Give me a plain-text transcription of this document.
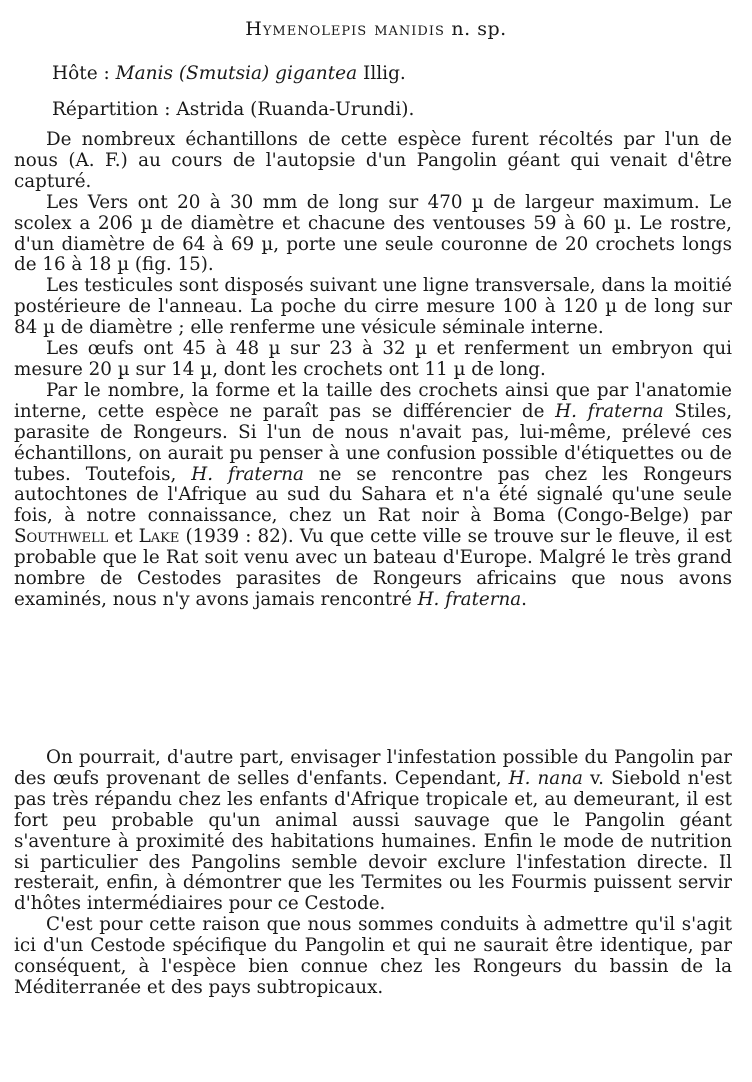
Hymenolepis manidis n. sp.
Hôte : Manis (Smutsia) gigantea Illig.
Répartition : Astrida (Ruanda-Urundi).

De nombreux échantillons de cette espèce furent récoltés par l'un de nous (A. F.) au cours de l'autopsie d'un Pangolin géant qui venait d'être capturé.

Les Vers ont 20 à 30 mm de long sur 470 µ de largeur maximum. Le scolex a 206 µ de diamètre et chacune des ventouses 59 à 60 µ. Le rostre, d'un diamètre de 64 à 69 µ, porte une seule couronne de 20 crochets longs de 16 à 18 µ (fig. 15).

Les testicules sont disposés suivant une ligne transversale, dans la moitié postérieure de l'anneau. La poche du cirre mesure 100 à 120 µ de long sur 84 µ de diamètre ; elle renferme une vésicule séminale interne.

Les œufs ont 45 à 48 µ sur 23 à 32 µ et renferment un embryon qui mesure 20 µ sur 14 µ, dont les crochets ont 11 µ de long.

Par le nombre, la forme et la taille des crochets ainsi que par l'anatomie interne, cette espèce ne paraît pas se différencier de H. fraterna Stiles, parasite de Rongeurs. Si l'un de nous n'avait pas, lui-même, prélevé ces échantillons, on aurait pu penser à une confusion possible d'étiquettes ou de tubes. Toutefois, H. fraterna ne se rencontre pas chez les Rongeurs autochtones de l'Afrique au sud du Sahara et n'a été signalé qu'une seule fois, à notre connaissance, chez un Rat noir à Boma (Congo-Belge) par Southwell et Lake (1939 : 82). Vu que cette ville se trouve sur le fleuve, il est probable que le Rat soit venu avec un bateau d'Europe. Malgré le très grand nombre de Cestodes parasites de Rongeurs africains que nous avons examinés, nous n'y avons jamais rencontré H. fraterna.

On pourrait, d'autre part, envisager l'infestation possible du Pangolin par des œufs provenant de selles d'enfants. Cependant, H. nana v. Siebold n'est pas très répandu chez les enfants d'Afrique tropicale et, au demeurant, il est fort peu probable qu'un animal aussi sauvage que le Pangolin géant s'aventure à proximité des habitations humaines. Enfin le mode de nutrition si particulier des Pangolins semble devoir exclure l'infestation directe. Il resterait, enfin, à démontrer que les Termites ou les Fourmis puissent servir d'hôtes intermédiaires pour ce Cestode.

C'est pour cette raison que nous sommes conduits à admettre qu'il s'agit ici d'un Cestode spécifique du Pangolin et qui ne saurait être identique, par conséquent, à l'espèce bien connue chez les Rongeurs du bassin de la Méditerranée et des pays subtropicaux.
